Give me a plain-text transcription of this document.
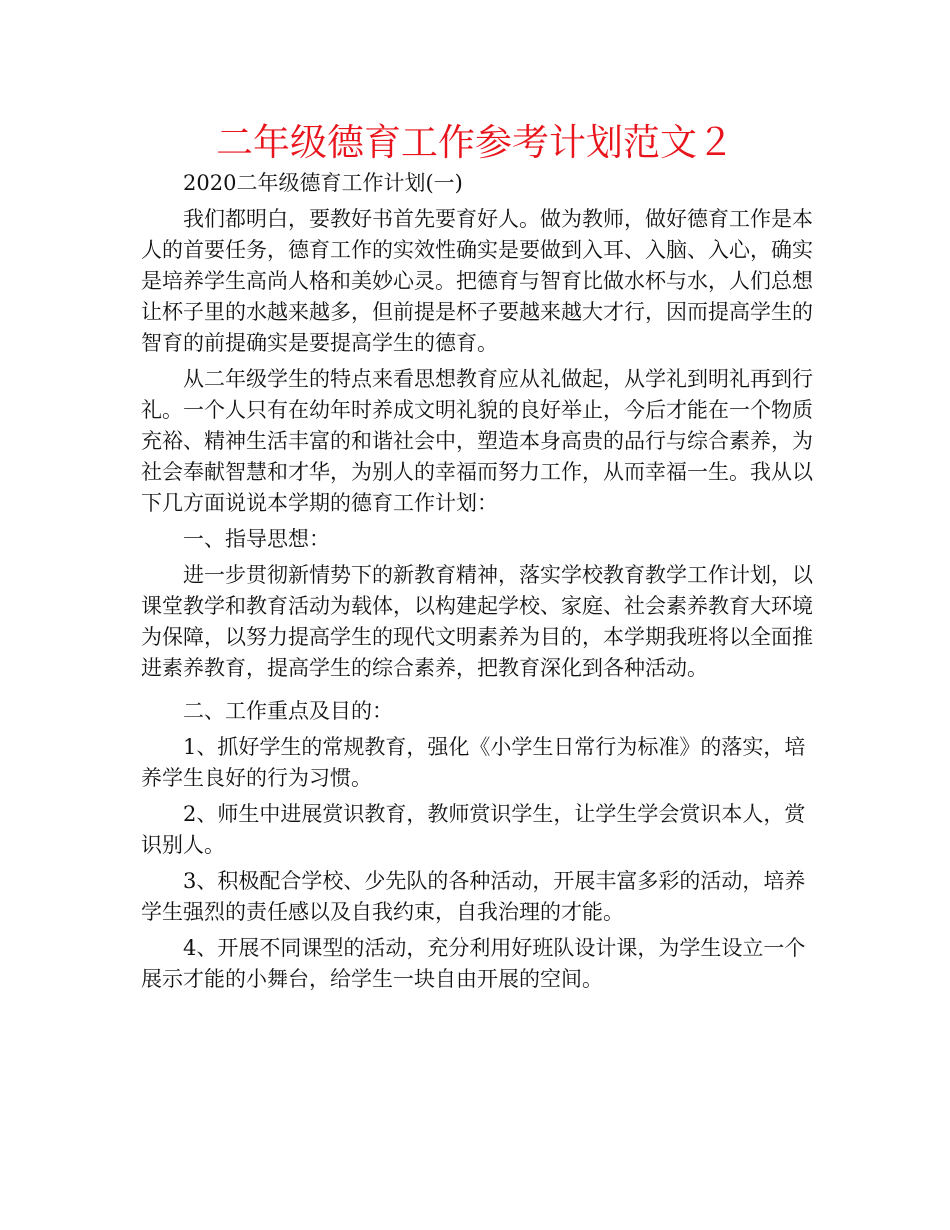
二年级德育工作参考计划范文２

2020二年级德育工作计划(一)

我们都明白，要教好书首先要育好人。做为教师，做好德育工作是本人的首要任务，德育工作的实效性确实是要做到入耳、入脑、入心，确实是培养学生高尚人格和美妙心灵。把德育与智育比做水杯与水，人们总想让杯子里的水越来越多，但前提是杯子要越来越大才行，因而提高学生的智育的前提确实是要提高学生的德育。

从二年级学生的特点来看思想教育应从礼做起，从学礼到明礼再到行礼。一个人只有在幼年时养成文明礼貌的良好举止，今后才能在一个物质充裕、精神生活丰富的和谐社会中，塑造本身高贵的品行与综合素养，为社会奉献智慧和才华，为别人的幸福而努力工作，从而幸福一生。我从以下几方面说说本学期的德育工作计划：

一、指导思想：

进一步贯彻新情势下的新教育精神，落实学校教育教学工作计划，以课堂教学和教育活动为载体，以构建起学校、家庭、社会素养教育大环境为保障，以努力提高学生的现代文明素养为目的，本学期我班将以全面推进素养教育，提高学生的综合素养，把教育深化到各种活动。

二、工作重点及目的：

1、抓好学生的常规教育，强化《小学生日常行为标准》的落实，培养学生良好的行为习惯。

2、师生中进展赏识教育，教师赏识学生，让学生学会赏识本人，赏识别人。

3、积极配合学校、少先队的各种活动，开展丰富多彩的活动，培养学生强烈的责任感以及自我约束，自我治理的才能。

4、开展不同课型的活动，充分利用好班队设计课，为学生设立一个展示才能的小舞台，给学生一块自由开展的空间。
